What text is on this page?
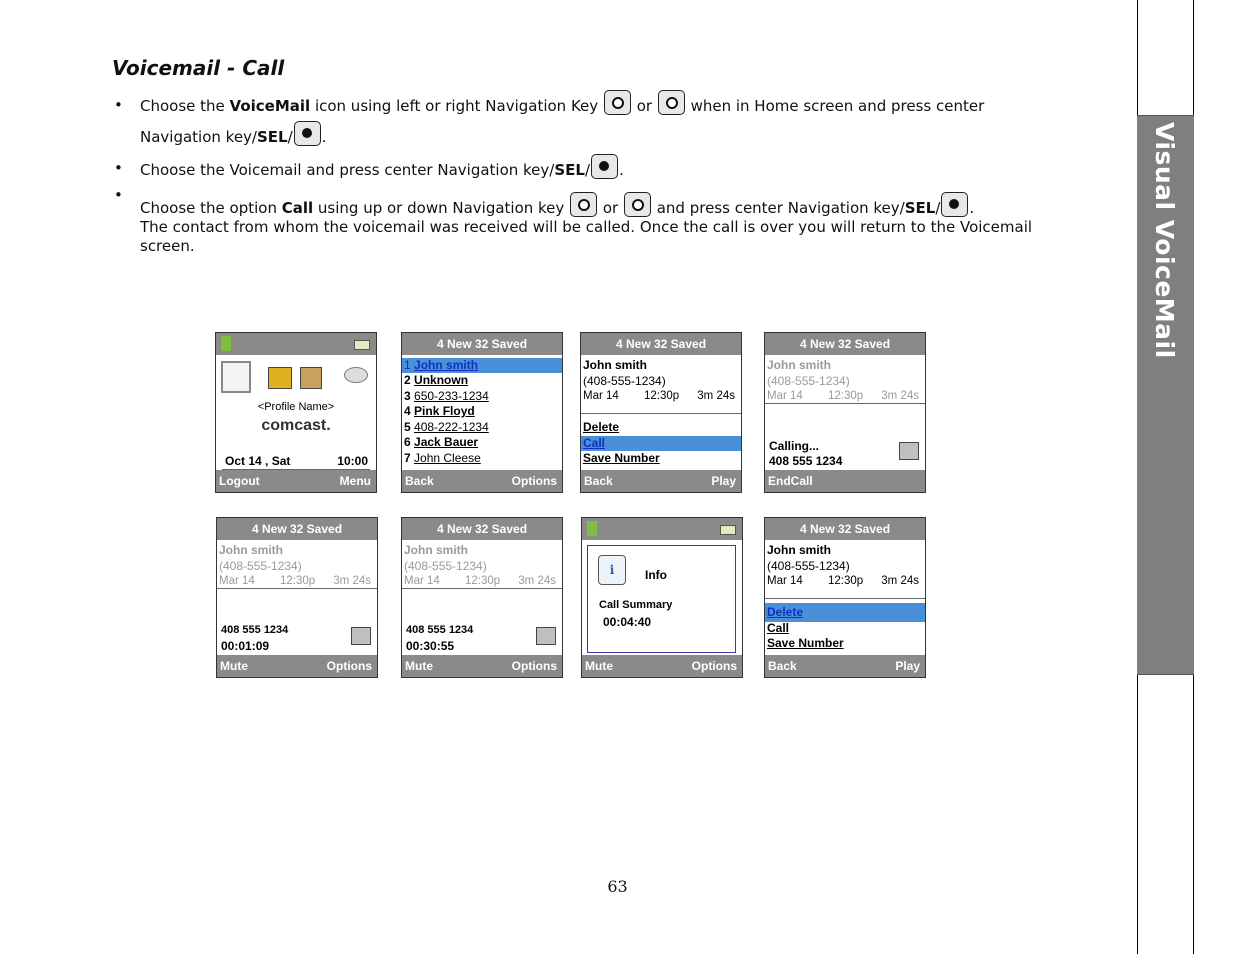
Visual VoiceMail
Voicemail - Call
• Choose the VoiceMail icon using left or right Navigation Key  or  when in Home screen and press center Navigation key/SEL/ .
• Choose the Voicemail and press center Navigation key/SEL/ .
• Choose the option Call using up or down Navigation key  or  and press center Navigation key/SEL/ .
The contact from whom the voicemail was received will be called. Once the call is over you will return to the Voicemail screen.
<Profile Name>
comcast.
Oct 14 , Sat	10:00
Logout	Menu
4 New 32 Saved
1 John smith
2 Unknown
3 650-233-1234
4 Pink Floyd
5 408-222-1234
6 Jack Bauer
7 John Cleese
Back	Options
4 New 32 Saved
John smith
(408-555-1234)
Mar 14 12:30p 3m 24s
Delete
Call
Save Number
Back	Play
4 New 32 Saved
John smith
(408-555-1234)
Mar 14 12:30p 3m 24s
Calling...
408 555 1234
EndCall
4 New 32 Saved
John smith
(408-555-1234)
Mar 14 12:30p 3m 24s
408 555 1234
00:01:09
Mute	Options
4 New 32 Saved
John smith
(408-555-1234)
Mar 14 12:30p 3m 24s
408 555 1234
00:30:55
Mute	Options
i	Info
Call Summary
00:04:40
Mute	Options
4 New 32 Saved
John smith
(408-555-1234)
Mar 14 12:30p 3m 24s
Delete
Call
Save Number
Back	Play
63
